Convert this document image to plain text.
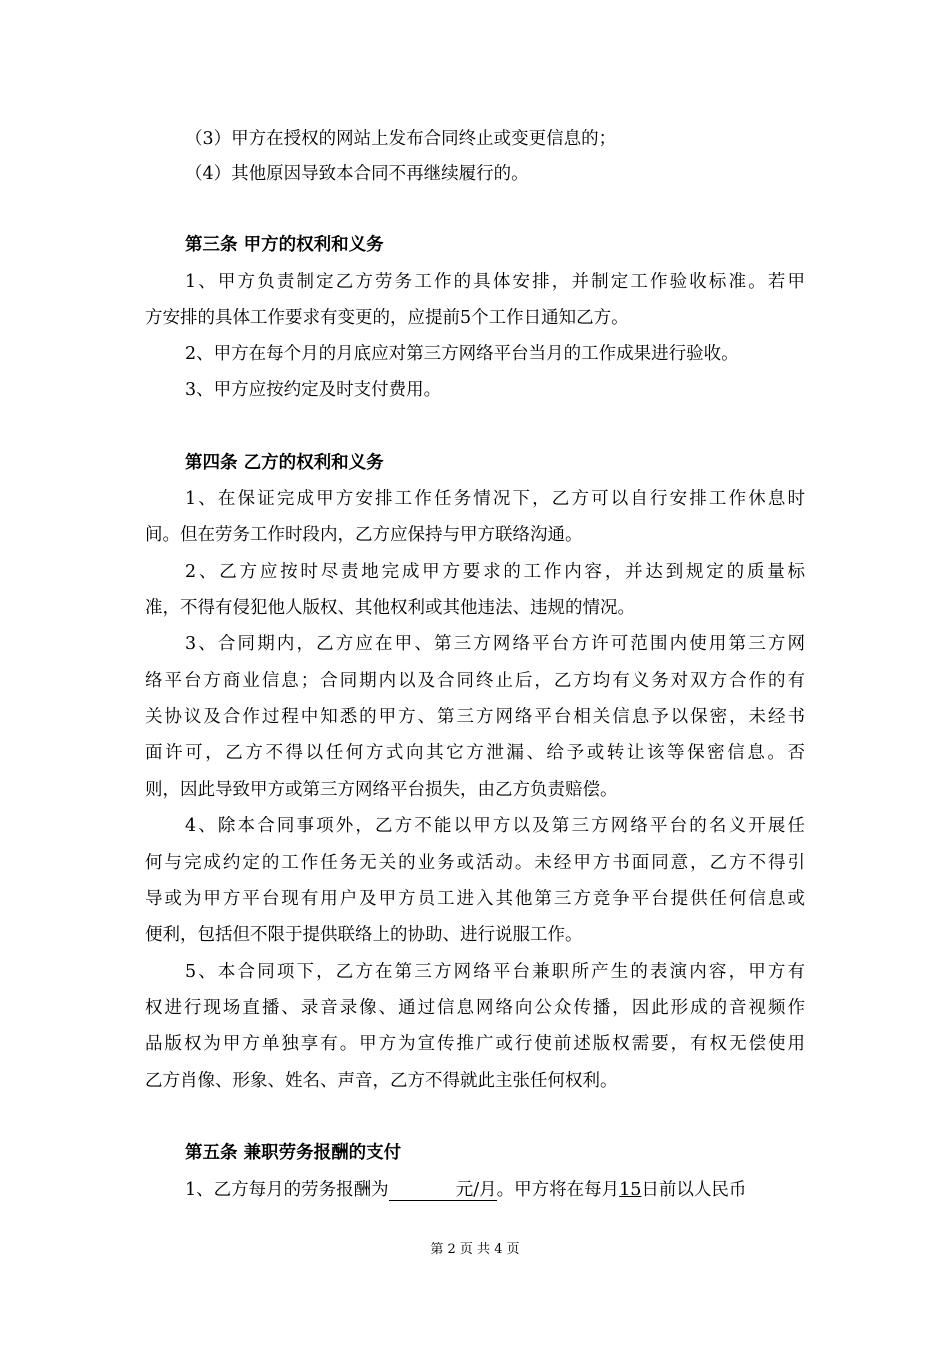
（3）甲方在授权的网站上发布合同终止或变更信息的；

（4）其他原因导致本合同不再继续履行的。

第三条 甲方的权利和义务

1、甲方负责制定乙方劳务工作的具体安排，并制定工作验收标准。若甲

方安排的具体工作要求有变更的，应提前5个工作日通知乙方。

2、甲方在每个月的月底应对第三方网络平台当月的工作成果进行验收。

3、甲方应按约定及时支付费用。

第四条 乙方的权利和义务

1、在保证完成甲方安排工作任务情况下，乙方可以自行安排工作休息时

间。但在劳务工作时段内，乙方应保持与甲方联络沟通。

2、乙方应按时尽责地完成甲方要求的工作内容，并达到规定的质量标

准，不得有侵犯他人版权、其他权利或其他违法、违规的情况。

3、合同期内，乙方应在甲、第三方网络平台方许可范围内使用第三方网

络平台方商业信息；合同期内以及合同终止后，乙方均有义务对双方合作的有

关协议及合作过程中知悉的甲方、第三方网络平台相关信息予以保密，未经书

面许可，乙方不得以任何方式向其它方泄漏、给予或转让该等保密信息。否

则，因此导致甲方或第三方网络平台损失，由乙方负责赔偿。

4、除本合同事项外，乙方不能以甲方以及第三方网络平台的名义开展任

何与完成约定的工作任务无关的业务或活动。未经甲方书面同意，乙方不得引

导或为甲方平台现有用户及甲方员工进入其他第三方竞争平台提供任何信息或

便利，包括但不限于提供联络上的协助、进行说服工作。

5、本合同项下，乙方在第三方网络平台兼职所产生的表演内容，甲方有

权进行现场直播、录音录像、通过信息网络向公众传播，因此形成的音视频作

品版权为甲方单独享有。甲方为宣传推广或行使前述版权需要，有权无偿使用

乙方肖像、形象、姓名、声音，乙方不得就此主张任何权利。

第五条 兼职劳务报酬的支付

1、乙方每月的劳务报酬为	元/月。甲方将在每月15日前以人民币

第 2 页 共 4 页
